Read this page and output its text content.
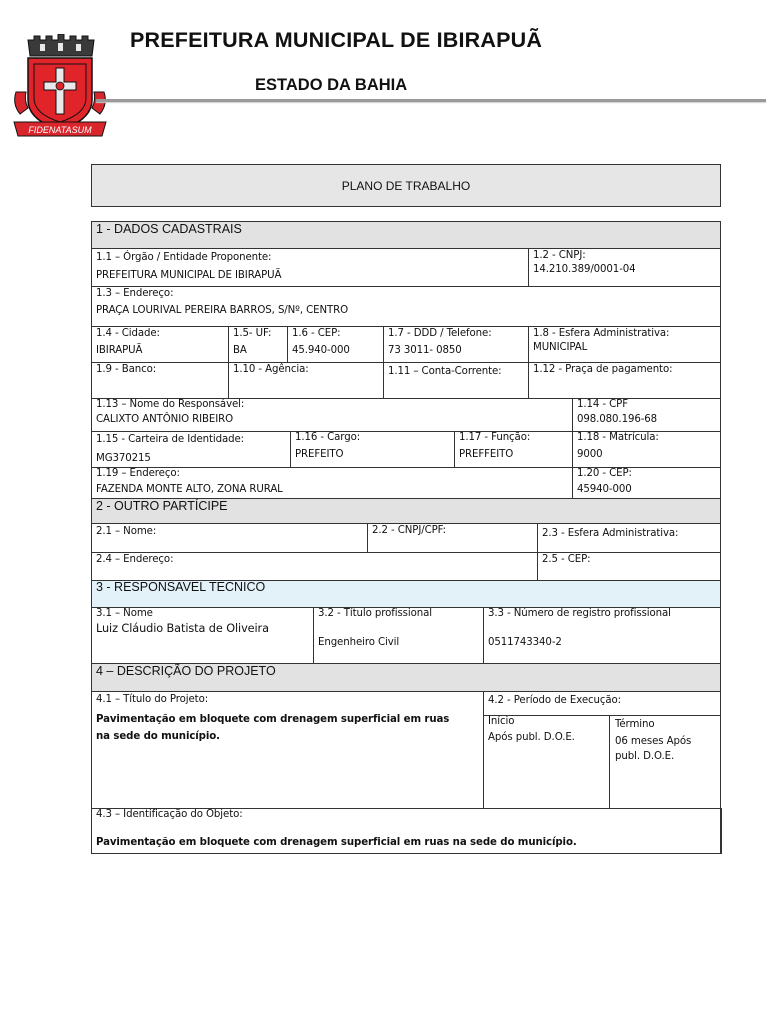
FIDENATASUM
PREFEITURA MUNICIPAL DE IBIRAPUÃ
ESTADO DA BAHIA
PLANO DE TRABALHO
1 - DADOS CADASTRAIS
1.1 – Órgão / Entidade Proponente:
PREFEITURA MUNICIPAL DE IBIRAPUÃ
1.2 - CNPJ:
14.210.389/0001-04
1.3 – Endereço:
PRAÇA LOURIVAL PEREIRA BARROS, S/Nº, CENTRO
1.4 - Cidade:
IBIRAPUÃ
1.5- UF:
BA
1.6 - CEP:
45.940-000
1.7 - DDD / Telefone:
73 3011- 0850
1.8 - Esfera Administrativa:
MUNICIPAL
1.9 - Banco:	1.10 - Agência:	1.11 – Conta-Corrente:	1.12 - Praça de pagamento:
1.13 – Nome do Responsável:
CALIXTO ANTÔNIO RIBEIRO
1.14 - CPF
098.080.196-68
1.15 - Carteira de Identidade:
MG370215
1.16 - Cargo:
PREFEITO
1.17 - Função:
PREFFEITO
1.18 - Matrícula:
9000
1.19 – Endereço:
FAZENDA MONTE ALTO, ZONA RURAL
1.20 - CEP:
45940-000
2 - OUTRO PARTÍCIPE
2.1 – Nome:	2.2 - CNPJ/CPF:	2.3 - Esfera Administrativa:
2.4 – Endereço:	2.5 - CEP:
3 - RESPONSAVEL TECNICO
3.1 – Nome
Luiz Cláudio Batista de Oliveira
3.2 - Título profissional
Engenheiro Civil
3.3 - Número de registro profissional
0511743340-2
4 – DESCRIÇÃO DO PROJETO
4.1 – Título do Projeto:
Pavimentação em bloquete com drenagem superficial em ruas
na sede do município.
4.2 - Período de Execução:
Início
Após publ. D.O.E.
Término
06 meses Após
publ. D.O.E.
4.3 – Identificação do Objeto:
Pavimentação em bloquete com drenagem superficial em ruas na sede do município.
